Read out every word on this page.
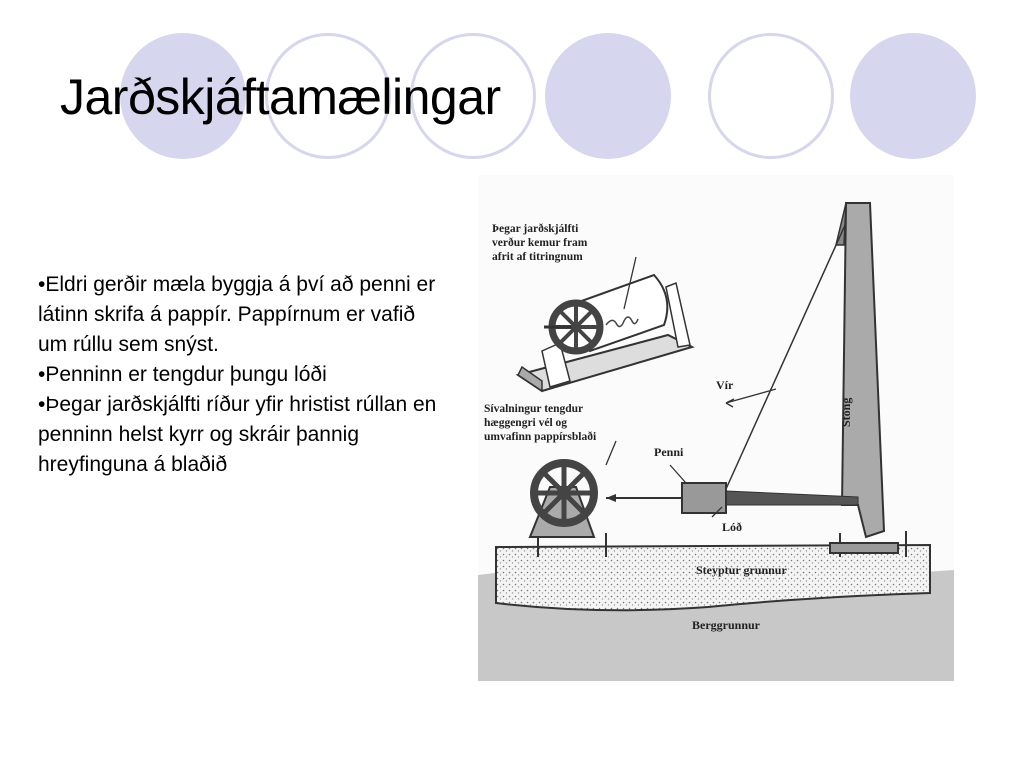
Jarðskjáftamælingar
•Eldri gerðir mæla byggja á því að penni er látinn skrifa á pappír. Pappírnum er vafið um rúllu sem snýst.
•Penninn er tengdur þungu lóði
•Þegar jarðskjálfti ríður yfir hristist rúllan en penninn helst kyrr og skráir þannig hreyfinguna á blaðið
Þegar jarðskjálfti verður kemur fram afrit af titringnum
Sívalningur tengdur hæggengri vél og umvafinn pappírsblaði
Vír
Stöng
Penni
Lóð
Steyptur grunnur
Berggrunnur
